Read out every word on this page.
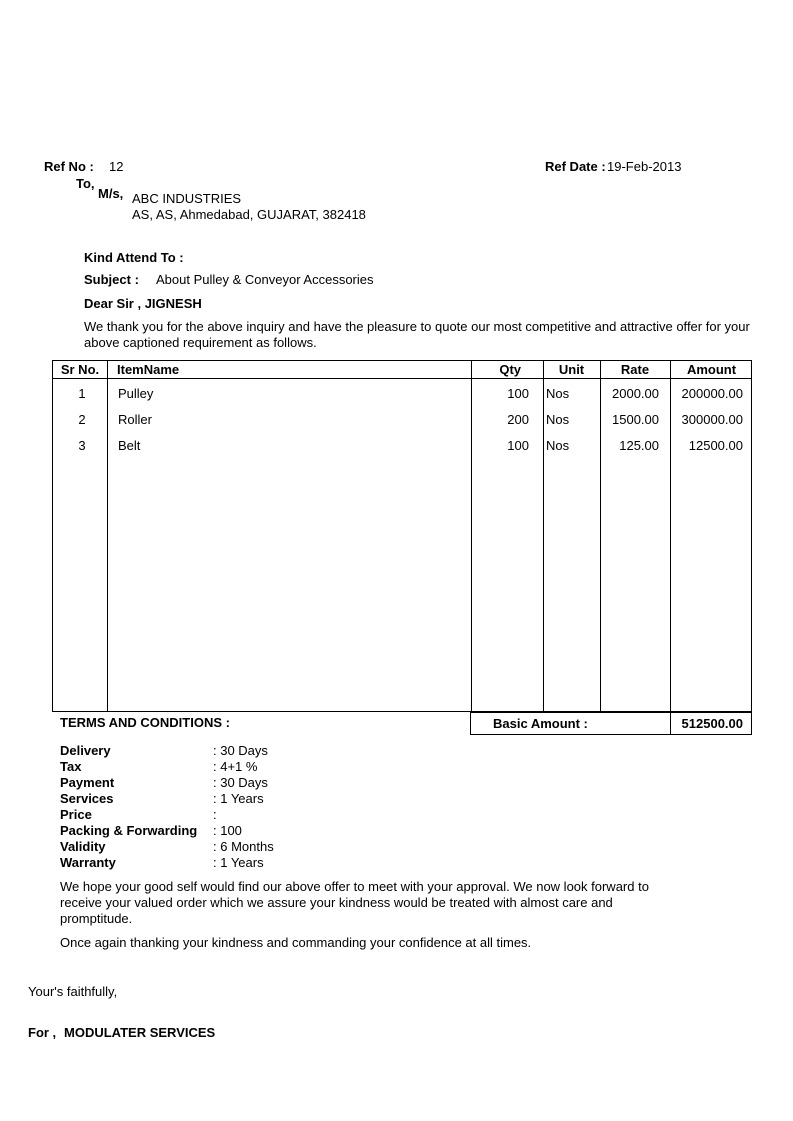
Ref No : 12	Ref Date : 19-Feb-2013
To,
M/s, ABC INDUSTRIES
AS, AS, Ahmedabad, GUJARAT, 382418
Kind Attend To :
Subject : About Pulley & Conveyor Accessories
Dear Sir , JIGNESH
We thank you for the above inquiry and have the pleasure to quote our most competitive and attractive offer for your above captioned requirement as follows.
Sr No.	ItemName	Qty	Unit	Rate	Amount
1	Pulley	100 Nos	2000.00	200000.00
2	Roller	200 Nos	1500.00	300000.00
3	Belt	100 Nos	125.00	12500.00
TERMS AND CONDITIONS :	Basic Amount :	512500.00
Delivery	: 30 Days
Tax	: 4+1 %
Payment	: 30 Days
Services	: 1 Years
Price	:
Packing & Forwarding : 100
Validity	: 6 Months
Warranty	: 1 Years
We hope your good self would find our above offer to meet with your approval. We now look forward to receive your valued order which we assure your kindness would be treated with almost care and promptitude.
Once again thanking your kindness and commanding your confidence at all times.
Your's faithfully,
For , MODULATER SERVICES
